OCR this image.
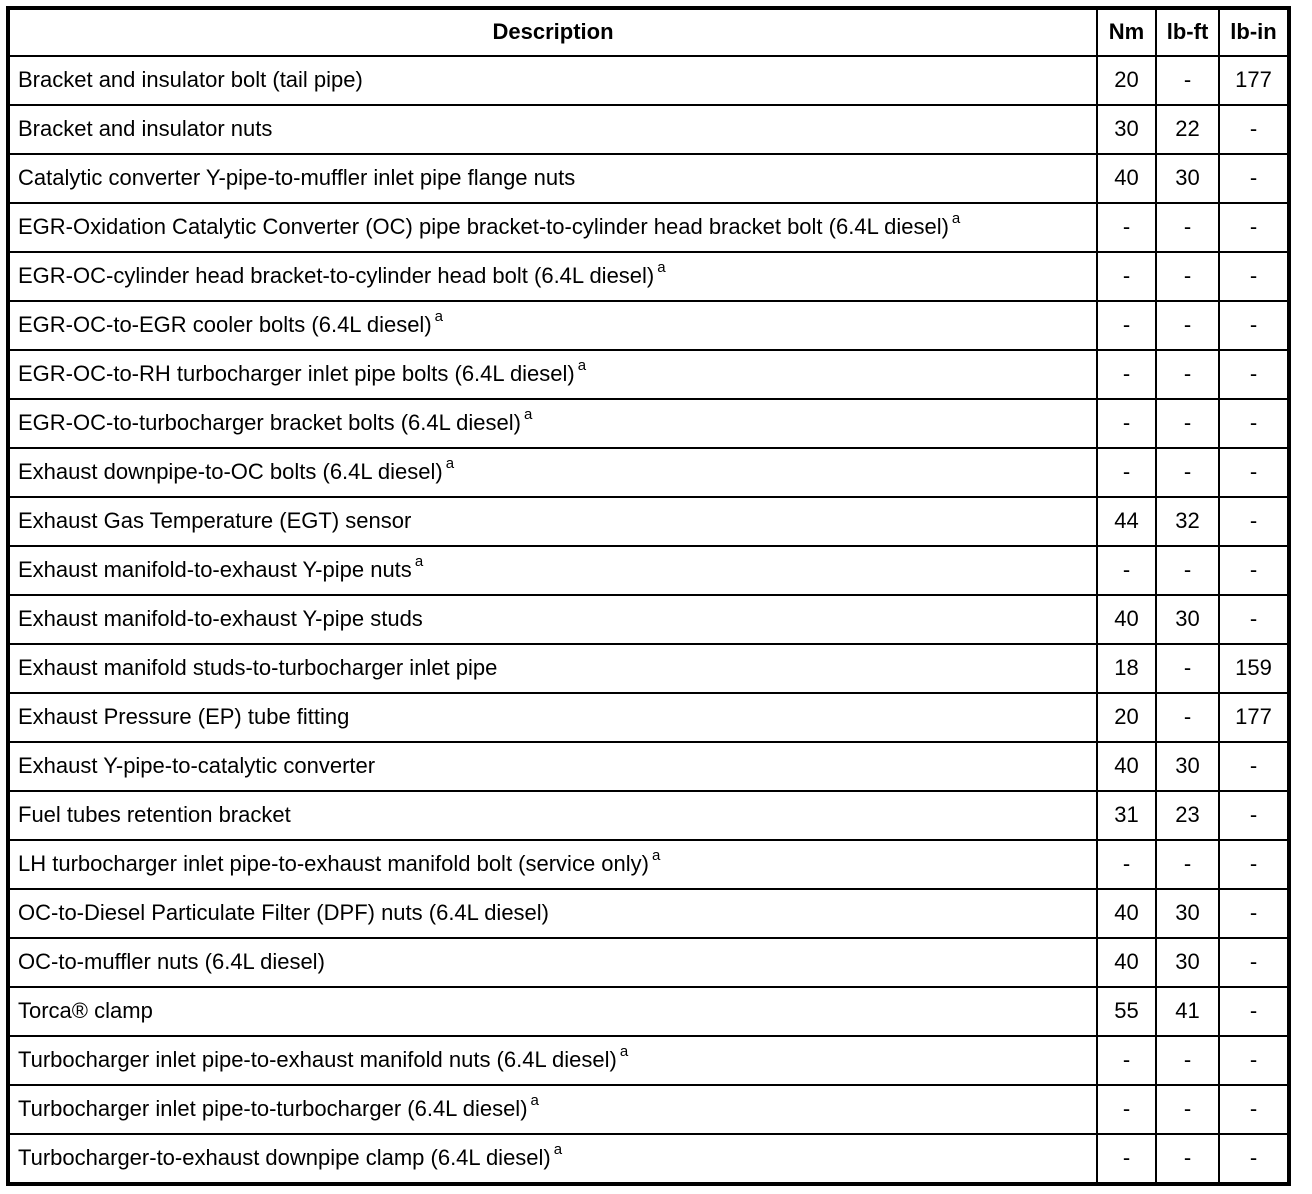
Description	Nm	lb-ft	lb-in
Bracket and insulator bolt (tail pipe)	20	-	177
Bracket and insulator nuts	30	22	-
Catalytic converter Y-pipe-to-muffler inlet pipe flange nuts	40	30	-
EGR-Oxidation Catalytic Converter (OC) pipe bracket-to-cylinder head bracket bolt (6.4L diesel) $^a$	-	-	-
EGR-OC-cylinder head bracket-to-cylinder head bolt (6.4L diesel) $^a$	-	-	-
EGR-OC-to-EGR cooler bolts (6.4L diesel) $^a$	-	-	-
EGR-OC-to-RH turbocharger inlet pipe bolts (6.4L diesel) $^a$	-	-	-
EGR-OC-to-turbocharger bracket bolts (6.4L diesel) $^a$	-	-	-
Exhaust downpipe-to-OC bolts (6.4L diesel) $^a$	-	-	-
Exhaust Gas Temperature (EGT) sensor	44	32	-
Exhaust manifold-to-exhaust Y-pipe nuts $^a$	-	-	-
Exhaust manifold-to-exhaust Y-pipe studs	40	30	-
Exhaust manifold studs-to-turbocharger inlet pipe	18	-	159
Exhaust Pressure (EP) tube fitting	20	-	177
Exhaust Y-pipe-to-catalytic converter	40	30	-
Fuel tubes retention bracket	31	23	-
LH turbocharger inlet pipe-to-exhaust manifold bolt (service only) $^a$	-	-	-
OC-to-Diesel Particulate Filter (DPF) nuts (6.4L diesel)	40	30	-
OC-to-muffler nuts (6.4L diesel)	40	30	-
Torca® clamp	55	41	-
Turbocharger inlet pipe-to-exhaust manifold nuts (6.4L diesel) $^a$	-	-	-
Turbocharger inlet pipe-to-turbocharger (6.4L diesel) $^a$	-	-	-
Turbocharger-to-exhaust downpipe clamp (6.4L diesel) $^a$	-	-	-
